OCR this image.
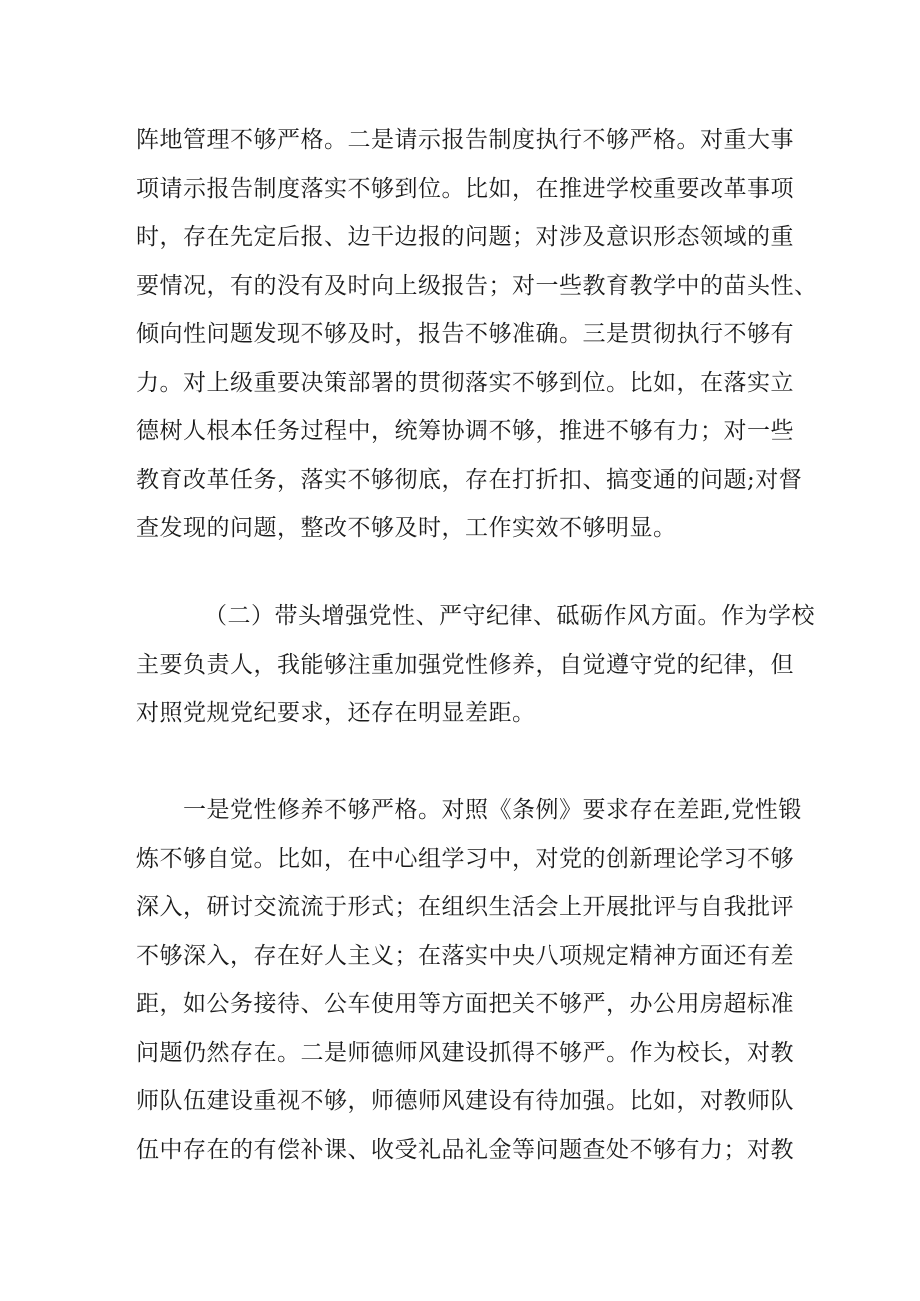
阵地管理不够严格。二是请示报告制度执行不够严格。对重大事
项请示报告制度落实不够到位。比如，在推进学校重要改革事项
时，存在先定后报、边干边报的问题；对涉及意识形态领域的重
要情况，有的没有及时向上级报告；对一些教育教学中的苗头性、
倾向性问题发现不够及时，报告不够准确。三是贯彻执行不够有
力。对上级重要决策部署的贯彻落实不够到位。比如，在落实立
德树人根本任务过程中，统筹协调不够，推进不够有力；对一些
教育改革任务，落实不够彻底，存在打折扣、搞变通的问题;对督
查发现的问题，整改不够及时，工作实效不够明显。
（二）带头增强党性、严守纪律、砥砺作风方面。作为学校
主要负责人，我能够注重加强党性修养，自觉遵守党的纪律，但
对照党规党纪要求，还存在明显差距。
一是党性修养不够严格。对照《条例》要求存在差距,党性锻
炼不够自觉。比如，在中心组学习中，对党的创新理论学习不够
深入，研讨交流流于形式；在组织生活会上开展批评与自我批评
不够深入，存在好人主义；在落实中央八项规定精神方面还有差
距，如公务接待、公车使用等方面把关不够严，办公用房超标准
问题仍然存在。二是师德师风建设抓得不够严。作为校长，对教
师队伍建设重视不够，师德师风建设有待加强。比如，对教师队
伍中存在的有偿补课、收受礼品礼金等问题查处不够有力；对教
